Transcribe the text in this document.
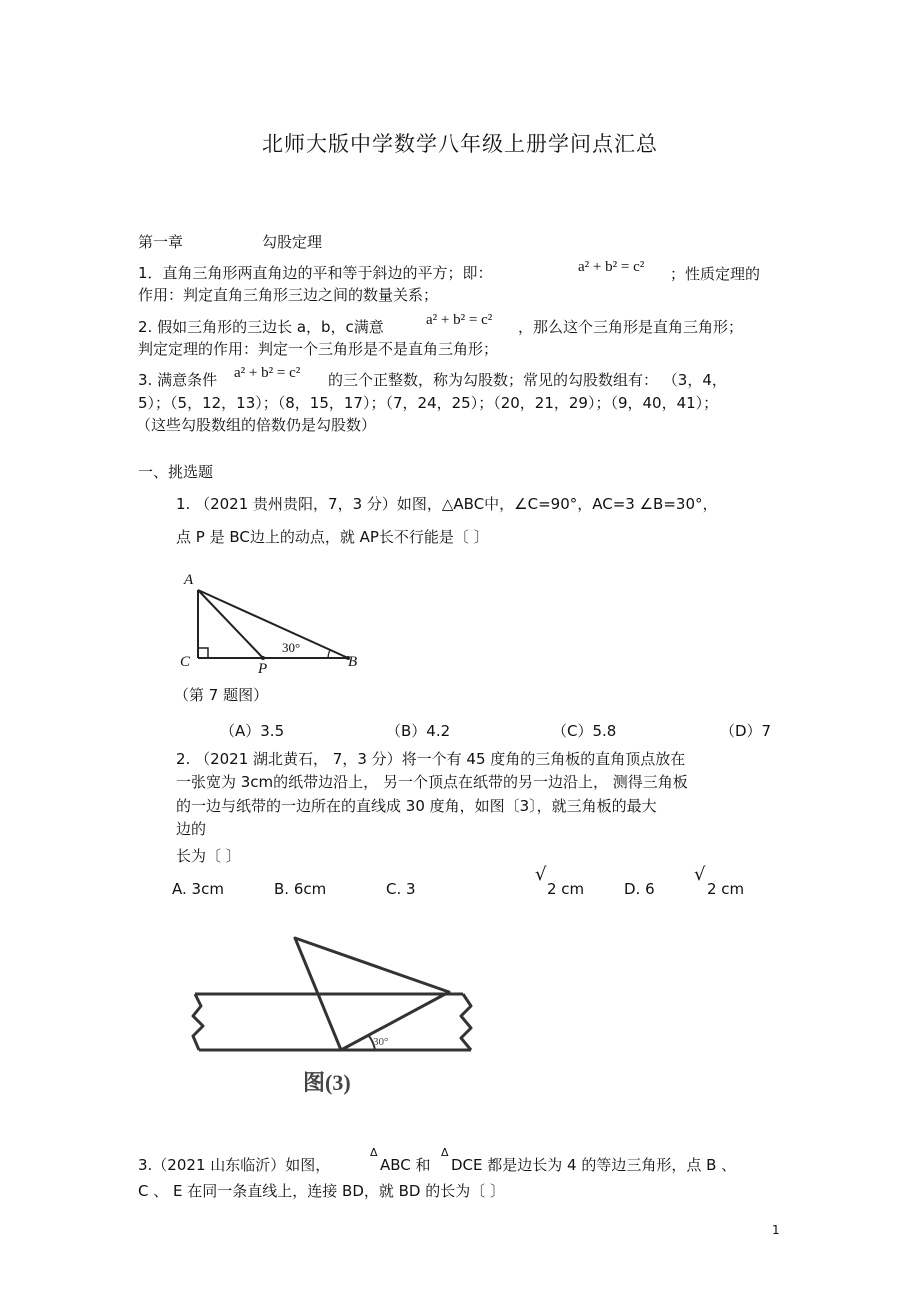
北师大版中学数学八年级上册学问点汇总
第一章	勾股定理
1．直角三角形两直角边的平和等于斜边的平方；即：	a² + b² = c² ；性质定理的
作用：判定直角三角形三边之间的数量关系；
2. 假如三角形的三边长 a，b，c满意	a² + b² = c² ，那么这个三角形是直角三角形；
判定定理的作用：判定一个三角形是不是直角三角形；
3. 满意条件 a² + b² = c² 的三个正整数，称为勾股数；常见的勾股数组有： （3，4，
5）；（5，12，13）；（8，15，17）；（7，24，25）；（20，21，29）；（9，40，41）；
（这些勾股数组的倍数仍是勾股数）
一、挑选题
1. （2021 贵州贵阳，7，3 分）如图，△ABC中，∠C=90°，AC=3 ∠B=30°，
点 P 是 BC边上的动点，就 AP长不行能是〔 〕
A
C	P	B
30°
（第 7 题图）
（A）3.5	（B）4.2	（C）5.8	（D）7
2. （2021 湖北黄石， 7，3 分）将一个有 45 度角的三角板的直角顶点放在
一张宽为 3cm的纸带边沿上， 另一个顶点在纸带的另一边沿上， 测得三角板
的一边与纸带的一边所在的直线成 30 度角，如图〔3〕，就三角板的最大
边的
长为〔 〕
A. 3cm	B. 6cm	C. 3
√
2 cm	D. 6
√
2 cm
30°
图(3)
3.（2021 山东临沂）如图，
Δ
ABC 和
Δ
DCE 都是边长为 4 的等边三角形，点 B 、
C 、 E 在同一条直线上，连接 BD，就 BD 的长为〔 〕
1
